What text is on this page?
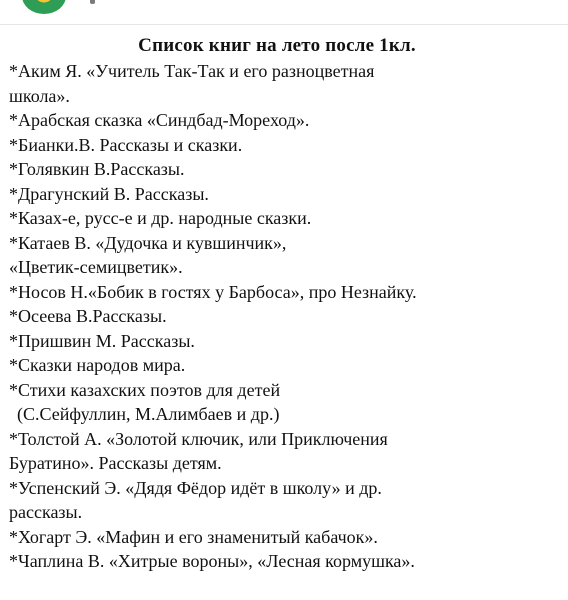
Список книг на лето после 1кл.
*Аким Я. «Учитель Так-Так и его разноцветная
школа».
*Арабская сказка «Синдбад-Мореход».
*Бианки.В. Рассказы и сказки.
*Голявкин В.Рассказы.
*Драгунский В. Рассказы.
*Казах-е, русс-е и др. народные сказки.
*Катаев В. «Дудочка и кувшинчик»,
«Цветик-семицветик».
*Носов Н.«Бобик в гостях у Барбоса», про Незнайку.
*Осеева В.Рассказы.
*Пришвин М. Рассказы.
*Сказки народов мира.
*Стихи казахских поэтов для детей
(С.Сейфуллин, М.Алимбаев и др.)
*Толстой А. «Золотой ключик, или Приключения
Буратино». Рассказы детям.
*Успенский Э. «Дядя Фёдор идёт в школу» и др.
рассказы.
*Хогарт Э. «Мафин и его знаменитый кабачок».
*Чаплина В. «Хитрые вороны», «Лесная кормушка».
